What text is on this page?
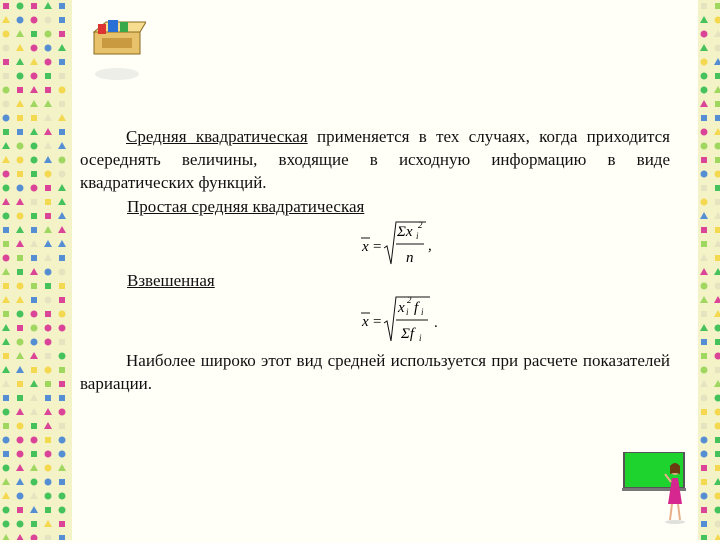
Средняя квадратическая применяется в тех случаях, когда приходится осереднять величины, входящие в исходную информацию в виде квадратических функций.
Простая средняя квадратическая
x =
Σx i
2
n
,
Взвешенная
x =
x i
2 f i
Σf i
.
Наиболее широко этот вид средней используется при расчете показателей вариации.
